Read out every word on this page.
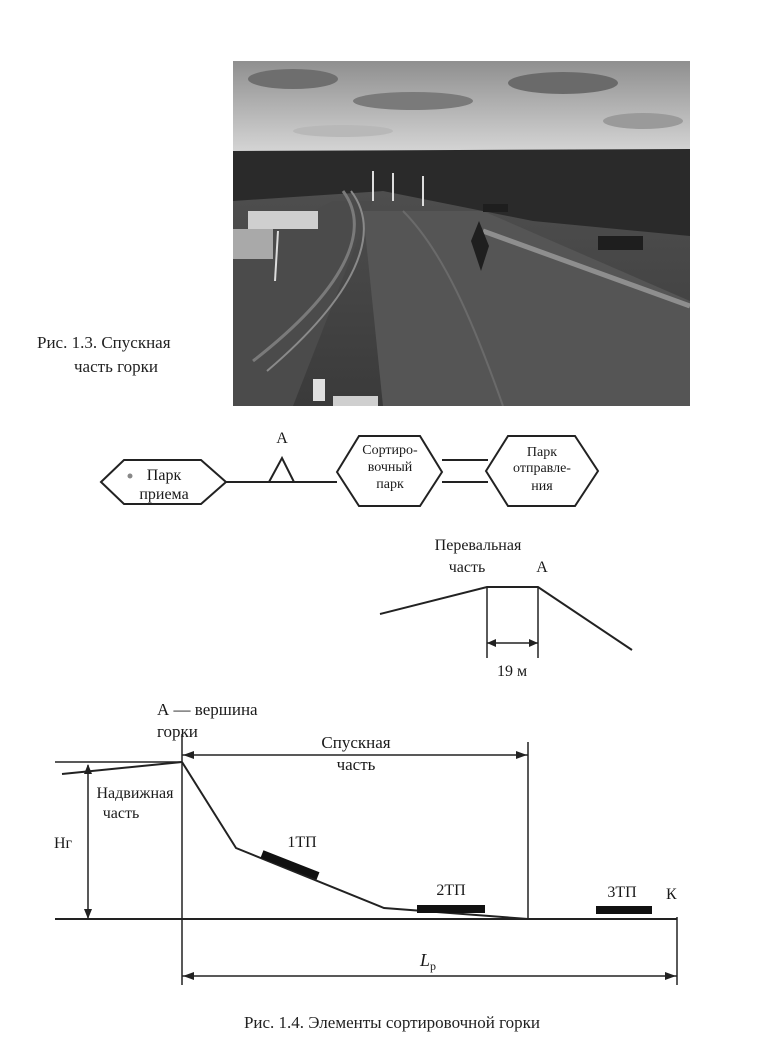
Рис. 1.3. Спускная
часть горки
Парк
приема
А
Сортиро-
вочный
парк
Парк
отправле-
ния
Перевальная
часть	А
19 м
А — вершина
горки
Спускная
часть
Надвижная
часть
Нг	1ТП
2ТП	3ТП К
$L_р$
Рис. 1.4. Элементы сортировочной горки
